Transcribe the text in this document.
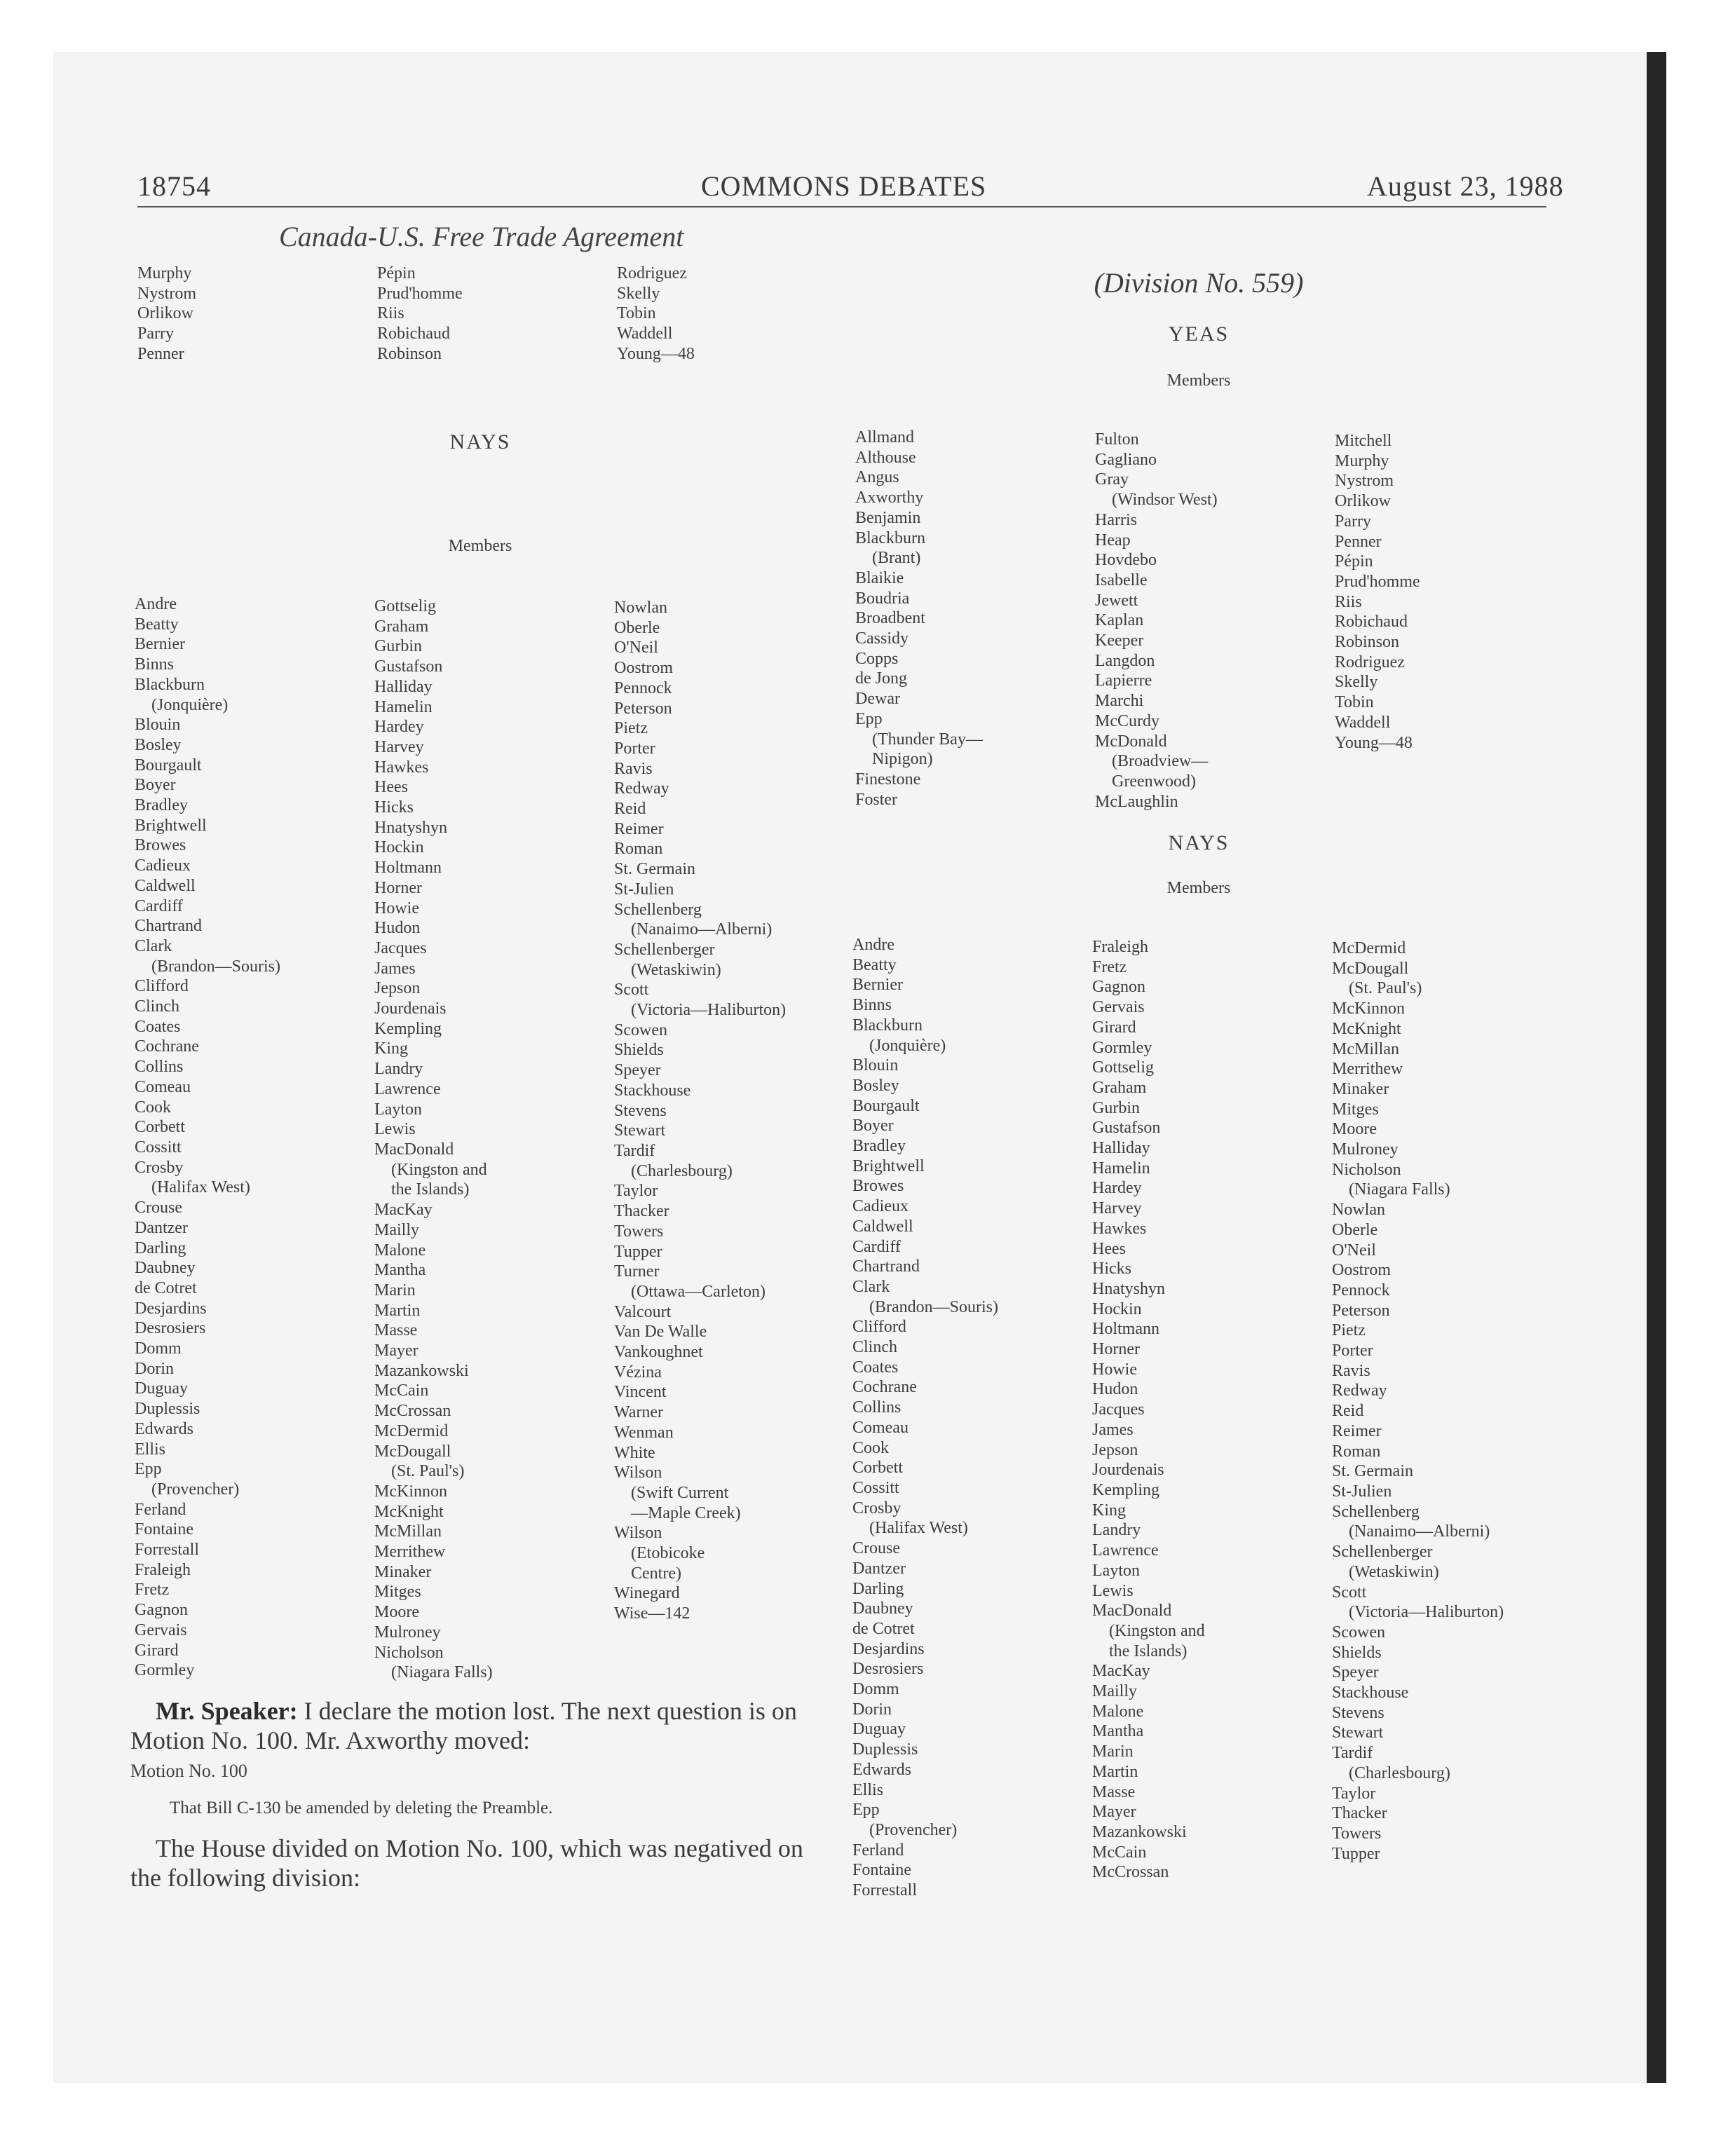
18754	COMMONS DEBATES	August 23, 1988
Canada-U.S. Free Trade Agreement
Murphy
Nystrom
Orlikow
Parry
Penner
Pépin
Prud'homme
Riis
Robichaud
Robinson
Rodriguez
Skelly
Tobin
Waddell
Young—48
NAYS
Members
Andre
Beatty
Bernier
Binns
Blackburn
(Jonquière)
Blouin
Bosley
Bourgault
Boyer
Bradley
Brightwell
Browes
Cadieux
Caldwell
Cardiff
Chartrand
Clark
(Brandon—Souris)
Clifford
Clinch
Coates
Cochrane
Collins
Comeau
Cook
Corbett
Cossitt
Crosby
(Halifax West)
Crouse
Dantzer
Darling
Daubney
de Cotret
Desjardins
Desrosiers
Domm
Dorin
Duguay
Duplessis
Edwards
Ellis
Epp
(Provencher)
Ferland
Fontaine
Forrestall
Fraleigh
Fretz
Gagnon
Gervais
Girard
Gormley
Gottselig
Graham
Gurbin
Gustafson
Halliday
Hamelin
Hardey
Harvey
Hawkes
Hees
Hicks
Hnatyshyn
Hockin
Holtmann
Horner
Howie
Hudon
Jacques
James
Jepson
Jourdenais
Kempling
King
Landry
Lawrence
Layton
Lewis
MacDonald
(Kingston and
the Islands)
MacKay
Mailly
Malone
Mantha
Marin
Martin
Masse
Mayer
Mazankowski
McCain
McCrossan
McDermid
McDougall
(St. Paul's)
McKinnon
McKnight
McMillan
Merrithew
Minaker
Mitges
Moore
Mulroney
Nicholson
(Niagara Falls)
Nowlan
Oberle
O'Neil
Oostrom
Pennock
Peterson
Pietz
Porter
Ravis
Redway
Reid
Reimer
Roman
St. Germain
St-Julien
Schellenberg
(Nanaimo—Alberni)
Schellenberger
(Wetaskiwin)
Scott
(Victoria—Haliburton)
Scowen
Shields
Speyer
Stackhouse
Stevens
Stewart
Tardif
(Charlesbourg)
Taylor
Thacker
Towers
Tupper
Turner
(Ottawa—Carleton)
Valcourt
Van De Walle
Vankoughnet
Vézina
Vincent
Warner
Wenman
White
Wilson
(Swift Current
—Maple Creek)
Wilson
(Etobicoke
Centre)
Winegard
Wise—142
Mr. Speaker: I declare the motion lost. The next question is on Motion No. 100. Mr. Axworthy moved:
Motion No. 100
That Bill C-130 be amended by deleting the Preamble.
The House divided on Motion No. 100, which was negatived on the following division:
(Division No. 559)
YEAS
Members
Allmand
Althouse
Angus
Axworthy
Benjamin
Blackburn
(Brant)
Blaikie
Boudria
Broadbent
Cassidy
Copps
de Jong
Dewar
Epp
(Thunder Bay—
Nipigon)
Finestone
Foster
Fulton
Gagliano
Gray
(Windsor West)
Harris
Heap
Hovdebo
Isabelle
Jewett
Kaplan
Keeper
Langdon
Lapierre
Marchi
McCurdy
McDonald
(Broadview—
Greenwood)
McLaughlin
Mitchell
Murphy
Nystrom
Orlikow
Parry
Penner
Pépin
Prud'homme
Riis
Robichaud
Robinson
Rodriguez
Skelly
Tobin
Waddell
Young—48
NAYS
Members
Andre
Beatty
Bernier
Binns
Blackburn
(Jonquière)
Blouin
Bosley
Bourgault
Boyer
Bradley
Brightwell
Browes
Cadieux
Caldwell
Cardiff
Chartrand
Clark
(Brandon—Souris)
Clifford
Clinch
Coates
Cochrane
Collins
Comeau
Cook
Corbett
Cossitt
Crosby
(Halifax West)
Crouse
Dantzer
Darling
Daubney
de Cotret
Desjardins
Desrosiers
Domm
Dorin
Duguay
Duplessis
Edwards
Ellis
Epp
(Provencher)
Ferland
Fontaine
Forrestall
Fraleigh
Fretz
Gagnon
Gervais
Girard
Gormley
Gottselig
Graham
Gurbin
Gustafson
Halliday
Hamelin
Hardey
Harvey
Hawkes
Hees
Hicks
Hnatyshyn
Hockin
Holtmann
Horner
Howie
Hudon
Jacques
James
Jepson
Jourdenais
Kempling
King
Landry
Lawrence
Layton
Lewis
MacDonald
(Kingston and
the Islands)
MacKay
Mailly
Malone
Mantha
Marin
Martin
Masse
Mayer
Mazankowski
McCain
McCrossan
McDermid
McDougall
(St. Paul's)
McKinnon
McKnight
McMillan
Merrithew
Minaker
Mitges
Moore
Mulroney
Nicholson
(Niagara Falls)
Nowlan
Oberle
O'Neil
Oostrom
Pennock
Peterson
Pietz
Porter
Ravis
Redway
Reid
Reimer
Roman
St. Germain
St-Julien
Schellenberg
(Nanaimo—Alberni)
Schellenberger
(Wetaskiwin)
Scott
(Victoria—Haliburton)
Scowen
Shields
Speyer
Stackhouse
Stevens
Stewart
Tardif
(Charlesbourg)
Taylor
Thacker
Towers
Tupper
